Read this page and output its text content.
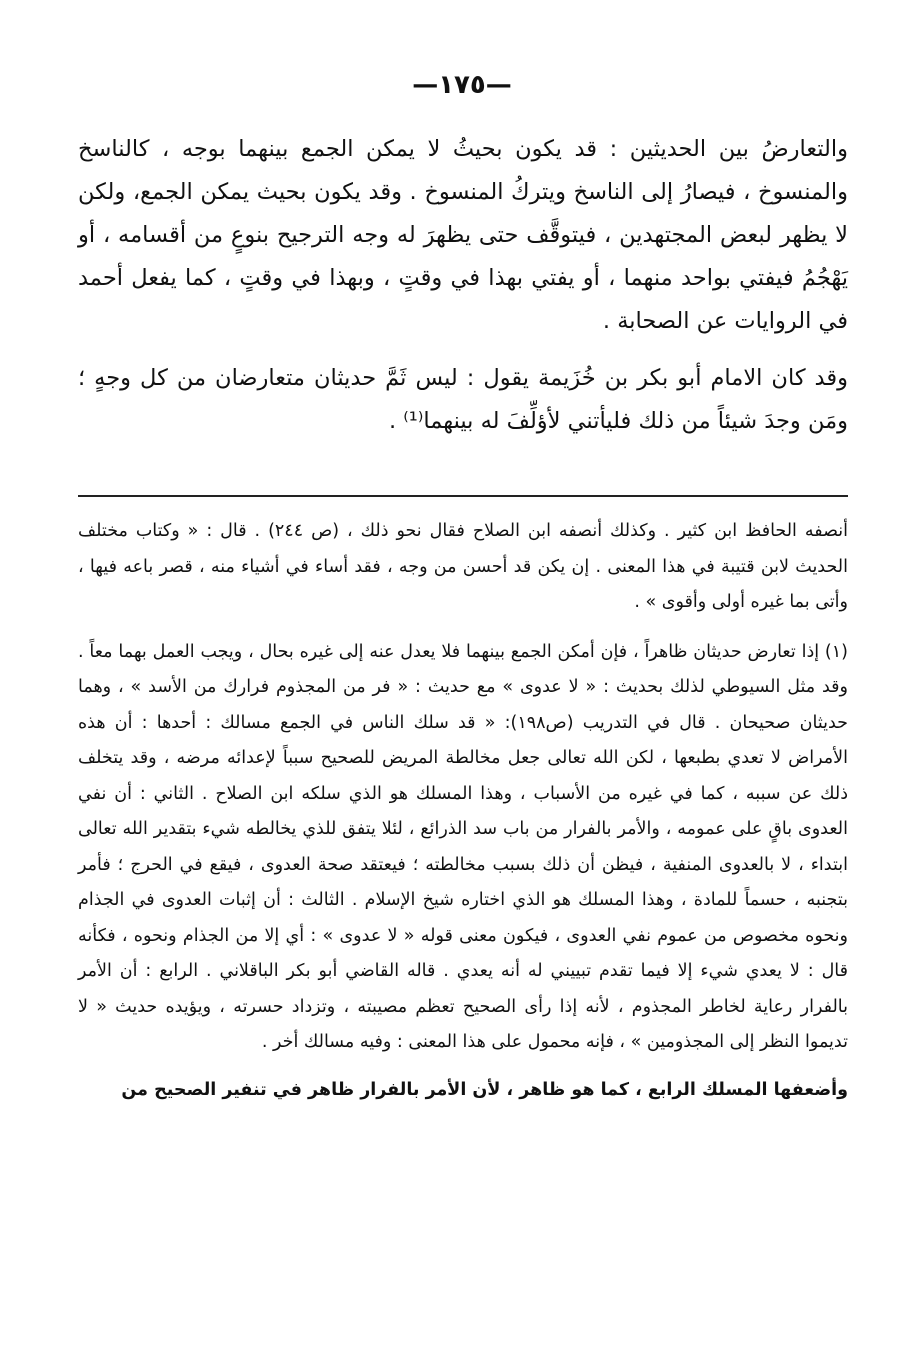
—١٧٥—

والتعارضُ بين الحديثين : قد يكون بحيثُ لا يمكن الجمع بينهما بوجه ، كالناسخ والمنسوخ ، فيصارُ إلى الناسخ ويتركُ المنسوخ . وقد يكون بحيث يمكن الجمع، ولكن لا يظهر لبعض المجتهدين ، فيتوقَّف حتى يظهرَ له وجه الترجيح بنوعٍ من أقسامه ، أو يَهْجُمُ فيفتي بواحد منهما ، أو يفتي بهذا في وقتٍ ، وبهذا في وقتٍ ، كما يفعل أحمد في الروايات عن الصحابة .

وقد كان الامام أبو بكر بن خُزَيمة يقول : ليس ثَمَّ حديثان متعارضان من كل وجهٍ ؛ ومَن وجدَ شيئاً من ذلك فليأتني لأؤلِّفَ له بينهما⁽¹⁾ .

أنصفه الحافظ ابن كثير . وكذلك أنصفه ابن الصلاح فقال نحو ذلك ، (ص ٢٤٤) . قال : « وكتاب مختلف الحديث لابن قتيبة في هذا المعنى . إن يكن قد أحسن من وجه ، فقد أساء في أشياء منه ، قصر باعه فيها ، وأتى بما غيره أولى وأقوى » .

(١) إذا تعارض حديثان ظاهراً ، فإن أمكن الجمع بينهما فلا يعدل عنه إلى غيره بحال ، ويجب العمل بهما معاً . وقد مثل السيوطي لذلك بحديث : « لا عدوى » مع حديث : « فر من المجذوم فرارك من الأسد » ، وهما حديثان صحيحان . قال في التدريب (ص١٩٨): « قد سلك الناس في الجمع مسالك : أحدها : أن هذه الأمراض لا تعدي بطبعها ، لكن الله تعالى جعل مخالطة المريض للصحيح سبباً لإعدائه مرضه ، وقد يتخلف ذلك عن سببه ، كما في غيره من الأسباب ، وهذا المسلك هو الذي سلكه ابن الصلاح . الثاني : أن نفي العدوى باقٍ على عمومه ، والأمر بالفرار من باب سد الذرائع ، لئلا يتفق للذي يخالطه شيء بتقدير الله تعالى ابتداء ، لا بالعدوى المنفية ، فيظن أن ذلك بسبب مخالطته ؛ فيعتقد صحة العدوى ، فيقع في الحرج ؛ فأمر بتجنبه ، حسماً للمادة ، وهذا المسلك هو الذي اختاره شيخ الإسلام . الثالث : أن إثبات العدوى في الجذام ونحوه مخصوص من عموم نفي العدوى ، فيكون معنى قوله « لا عدوى » : أي إلا من الجذام ونحوه ، فكأنه قال : لا يعدي شيء إلا فيما تقدم تبييني له أنه يعدي . قاله القاضي أبو بكر الباقلاني . الرابع : أن الأمر بالفرار رعاية لخاطر المجذوم ، لأنه إذا رأى الصحيح تعظم مصيبته ، وتزداد حسرته ، ويؤيده حديث « لا تديموا النظر إلى المجذومين » ، فإنه محمول على هذا المعنى : وفيه مسالك أخر .

وأضعفها المسلك الرابع ، كما هو ظاهر ، لأن الأمر بالفرار ظاهر في تنفير الصحيح من
